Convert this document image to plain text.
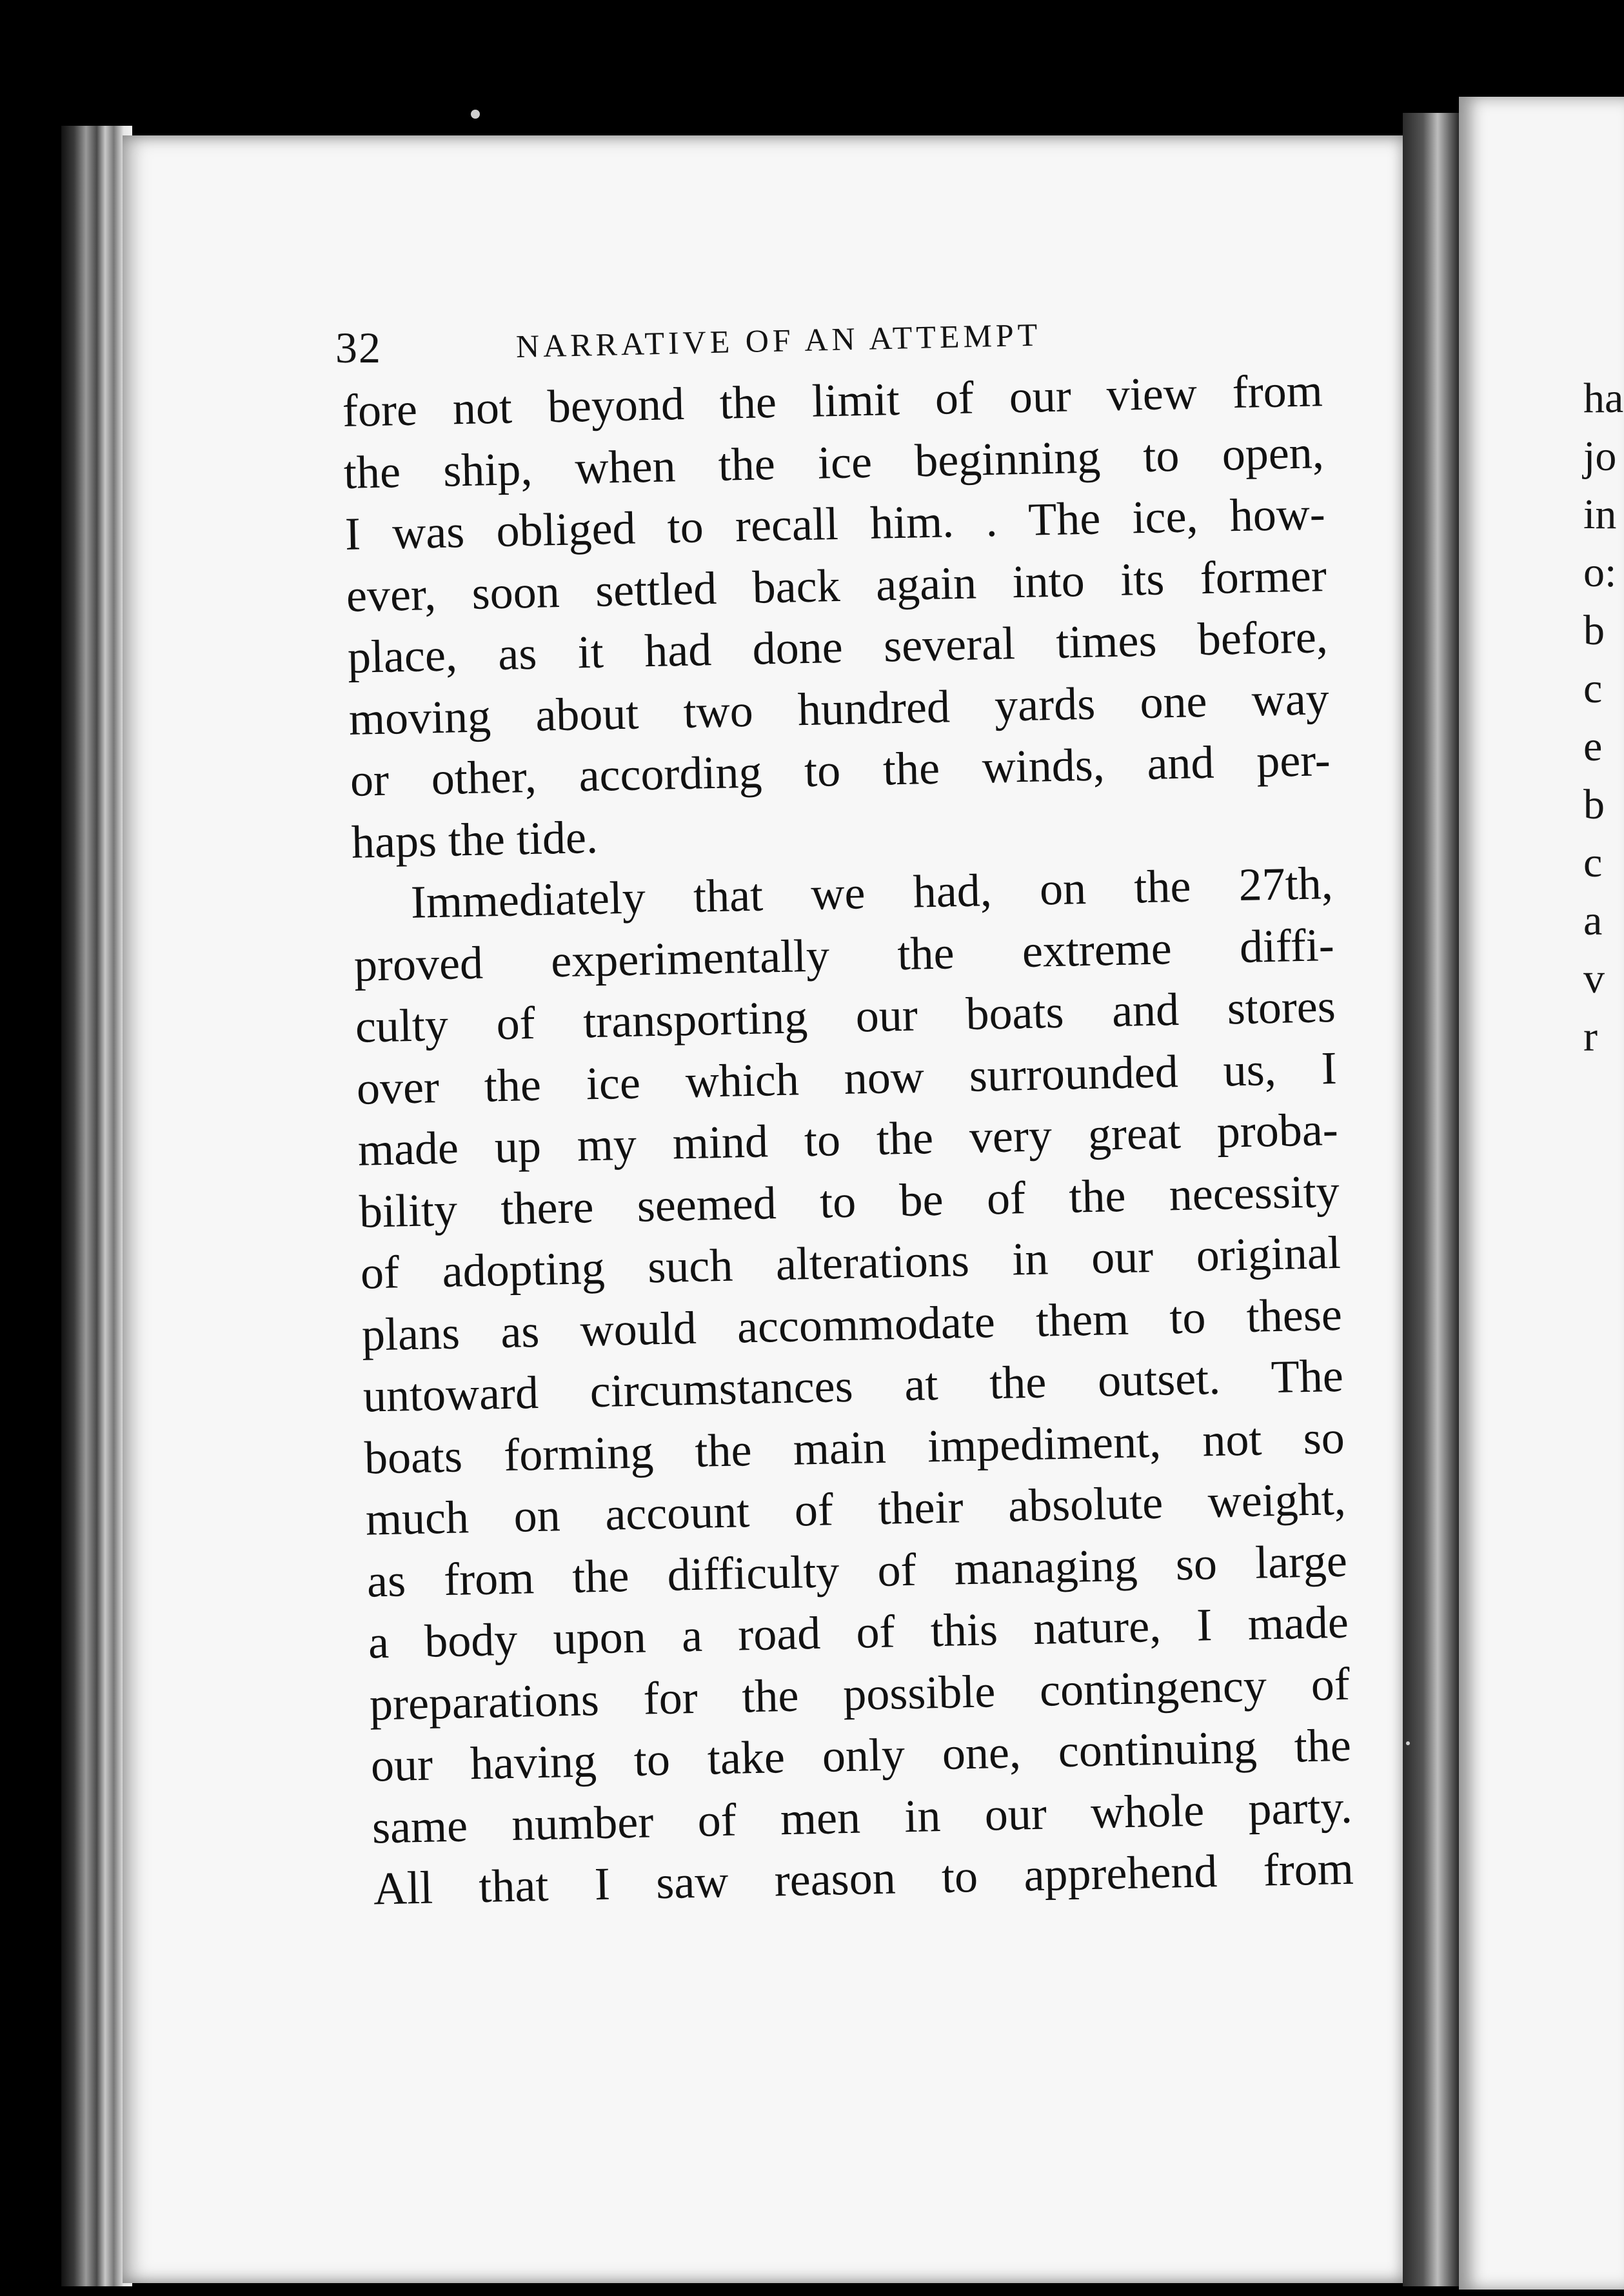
ha
jo
in
o:
b
c
e
b
c
a
v
r
32	NARRATIVE OF AN ATTEMPT
fore not beyond the limit of our view from
the ship, when the ice beginning to open,
I was obliged to recall him. . The ice, how-
ever, soon settled back again into its former
place, as it had done several times before,
moving about two hundred yards one way
or other, according to the winds, and per-
haps the tide.
Immediately that we had, on the 27th,
proved experimentally the extreme diffi-
culty of transporting our boats and stores
over the ice which now surrounded us, I
made up my mind to the very great proba-
bility there seemed to be of the necessity
of adopting such alterations in our original
plans as would accommodate them to these
untoward circumstances at the outset. The
boats forming the main impediment, not so
much on account of their absolute weight,
as from the difficulty of managing so large
a body upon a road of this nature, I made
preparations for the possible contingency of
our having to take only one, continuing the
same number of men in our whole party.
All that I saw reason to apprehend from
